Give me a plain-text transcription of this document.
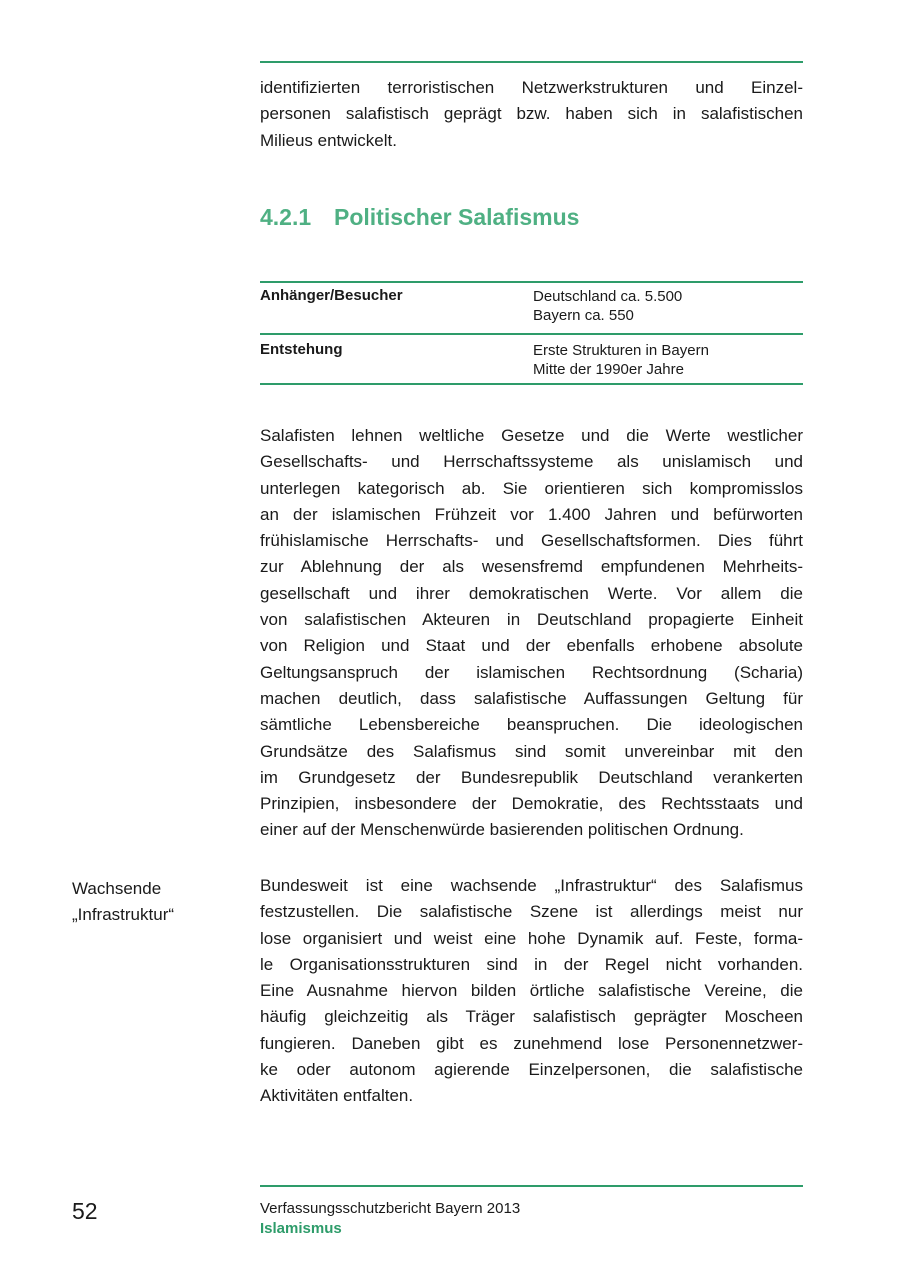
identifizierten terroristischen Netzwerkstrukturen und Einzel-
personen salafistisch geprägt bzw. haben sich in salafistischen
Milieus entwickelt.
4.2.1 Politischer Salafismus
Anhänger/Besucher	Deutschland ca. 5.500
Bayern ca. 550
Entstehung	Erste Strukturen in Bayern
Mitte der 1990er Jahre
Salafisten lehnen weltliche Gesetze und die Werte westlicher
Gesellschafts- und Herrschaftssysteme als unislamisch und
unterlegen kategorisch ab. Sie orientieren sich kompromisslos
an der islamischen Frühzeit vor 1.400 Jahren und befürworten
frühislamische Herrschafts- und Gesellschaftsformen. Dies führt
zur Ablehnung der als wesensfremd empfundenen Mehrheits-
gesellschaft und ihrer demokratischen Werte. Vor allem die
von salafistischen Akteuren in Deutschland propagierte Einheit
von Religion und Staat und der ebenfalls erhobene absolute
Geltungsanspruch der islamischen Rechtsordnung (Scharia)
machen deutlich, dass salafistische Auffassungen Geltung für
sämtliche Lebensbereiche beanspruchen. Die ideologischen
Grundsätze des Salafismus sind somit unvereinbar mit den
im Grundgesetz der Bundesrepublik Deutschland verankerten
Prinzipien, insbesondere der Demokratie, des Rechtsstaats und
einer auf der Menschenwürde basierenden politischen Ordnung.
Wachsende
„Infrastruktur“
Bundesweit ist eine wachsende „Infrastruktur“ des Salafismus
festzustellen. Die salafistische Szene ist allerdings meist nur
lose organisiert und weist eine hohe Dynamik auf. Feste, forma-
le Organisationsstrukturen sind in der Regel nicht vorhanden.
Eine Ausnahme hiervon bilden örtliche salafistische Vereine, die
häufig gleichzeitig als Träger salafistisch geprägter Moscheen
fungieren. Daneben gibt es zunehmend lose Personennetzwer-
ke oder autonom agierende Einzelpersonen, die salafistische
Aktivitäten entfalten.
52	Verfassungsschutzbericht Bayern 2013
Islamismus
